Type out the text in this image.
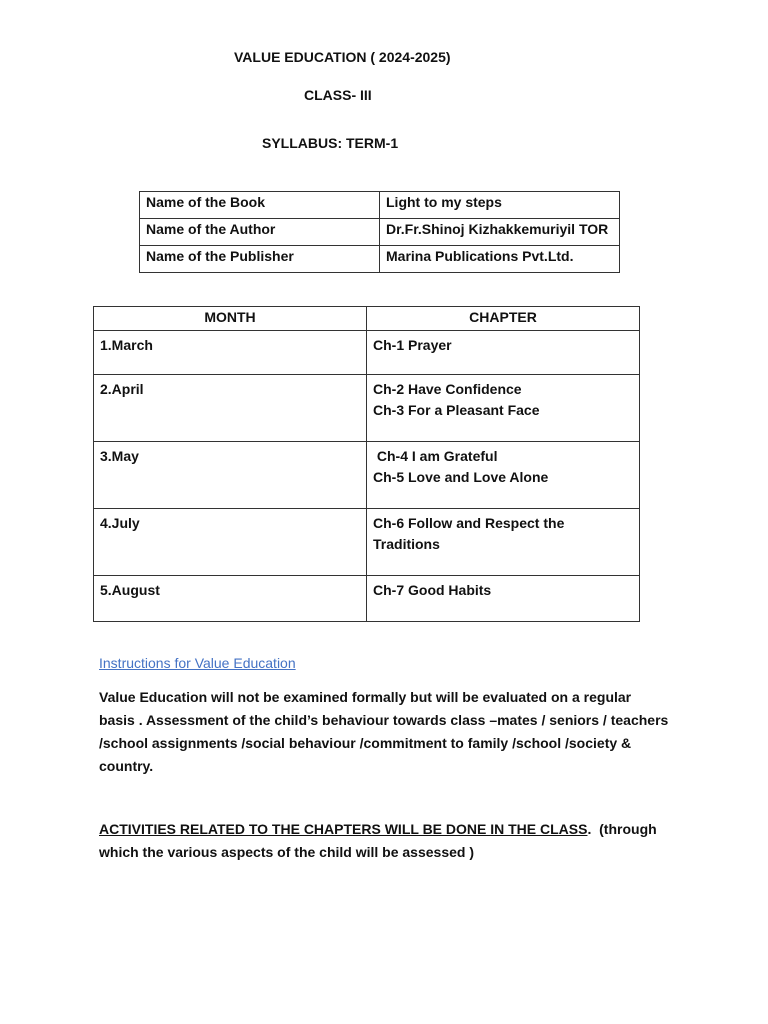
VALUE EDUCATION ( 2024-2025)
CLASS- III
SYLLABUS: TERM-1
Name of the Book	Light to my steps
Name of the Author	Dr.Fr.Shinoj Kizhakkemuriyil TOR
Name of the Publisher	Marina Publications Pvt.Ltd.
MONTH	CHAPTER
1.March	Ch-1 Prayer

2.April	Ch-2 Have Confidence
Ch-3 For a Pleasant Face

3.May	Ch-4 I am Grateful
Ch-5 Love and Love Alone

4.July	Ch-6 Follow and Respect the
Traditions

5.August	Ch-7 Good Habits
Instructions for Value Education
Value Education will not be examined formally but will be evaluated on a regular basis . Assessment of the child’s behaviour towards class –mates / seniors / teachers /school assignments /social behaviour /commitment to family /school /society & country.
ACTIVITIES RELATED TO THE CHAPTERS WILL BE DONE IN THE CLASS.  (through which the various aspects of the child will be assessed )
